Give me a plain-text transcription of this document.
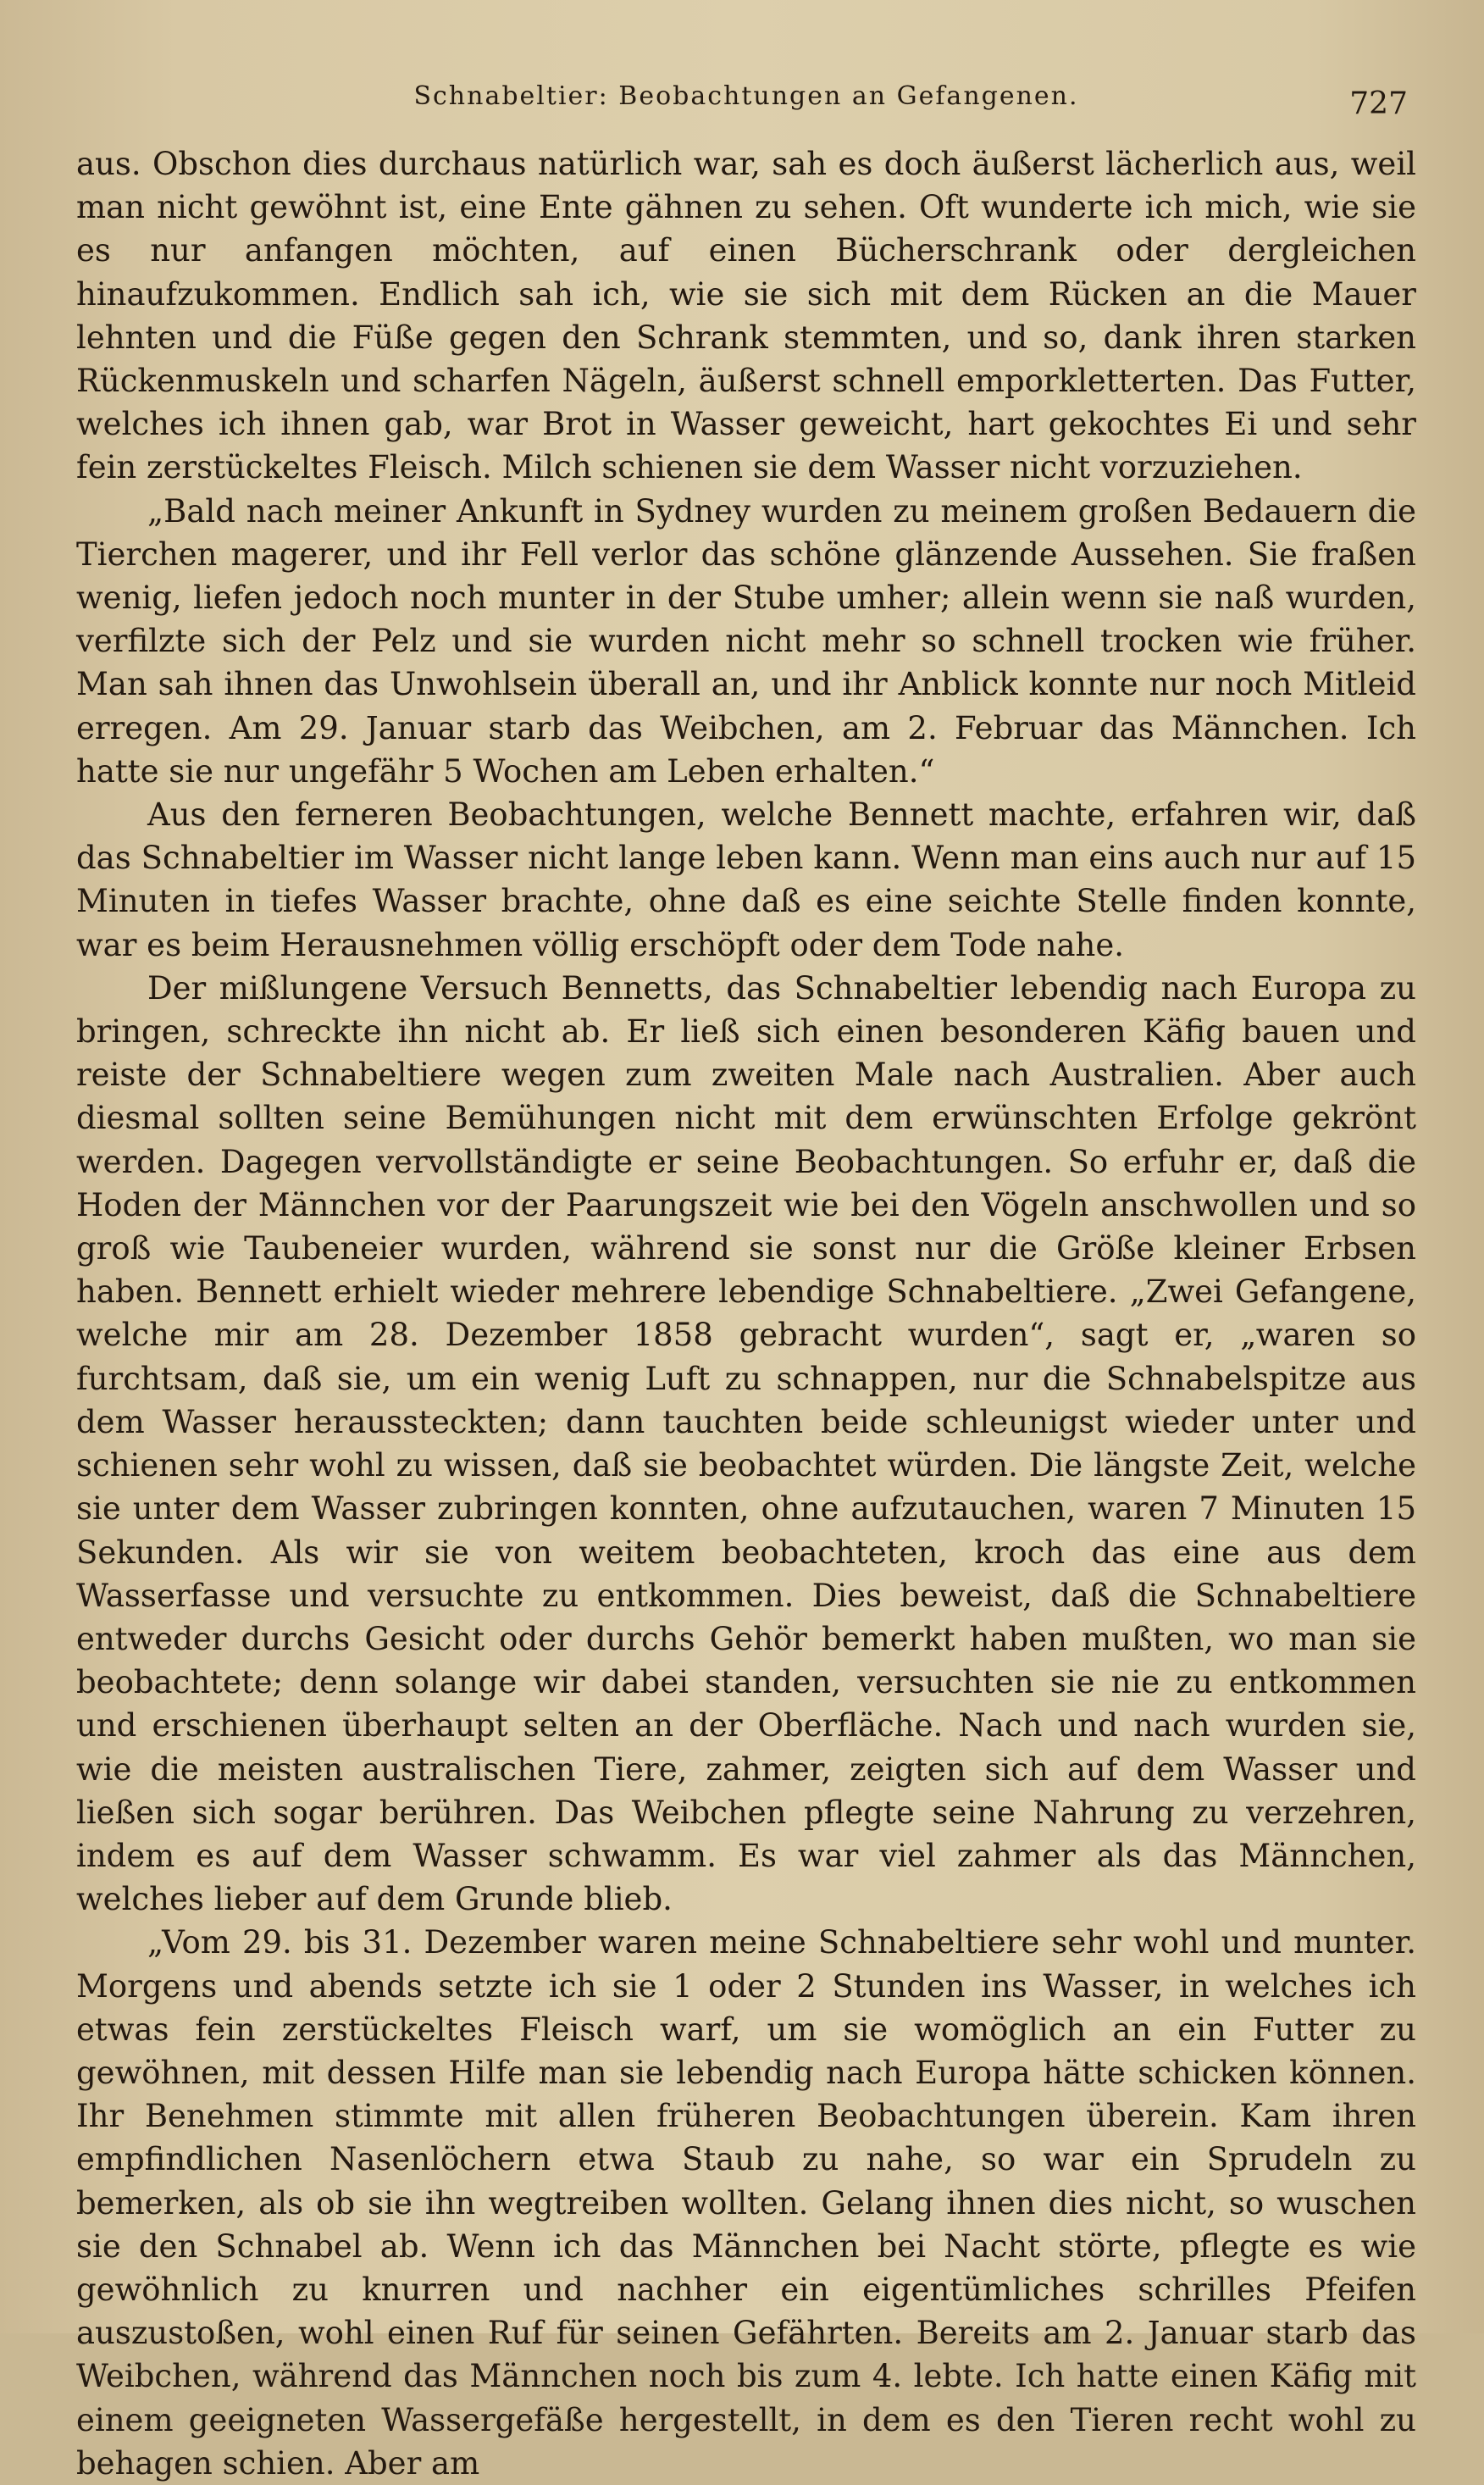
Schnabeltier: Beobachtungen an Gefangenen.	727

aus. Obschon dies durchaus natürlich war, sah es doch äußerst lächerlich aus, weil man nicht gewöhnt ist, eine Ente gähnen zu sehen. Oft wunderte ich mich, wie sie es nur anfangen möchten, auf einen Bücherschrank oder dergleichen hinaufzukommen. Endlich sah ich, wie sie sich mit dem Rücken an die Mauer lehnten und die Füße gegen den Schrank stemmten, und so, dank ihren starken Rückenmuskeln und scharfen Nägeln, äußerst schnell emporkletterten. Das Futter, welches ich ihnen gab, war Brot in Wasser geweicht, hart gekochtes Ei und sehr fein zerstückeltes Fleisch. Milch schienen sie dem Wasser nicht vorzuziehen.

„Bald nach meiner Ankunft in Sydney wurden zu meinem großen Bedauern die Tierchen magerer, und ihr Fell verlor das schöne glänzende Aussehen. Sie fraßen wenig, liefen jedoch noch munter in der Stube umher; allein wenn sie naß wurden, verfilzte sich der Pelz und sie wurden nicht mehr so schnell trocken wie früher. Man sah ihnen das Unwohlsein überall an, und ihr Anblick konnte nur noch Mitleid erregen. Am 29. Januar starb das Weibchen, am 2. Februar das Männchen. Ich hatte sie nur ungefähr 5 Wochen am Leben erhalten.“

Aus den ferneren Beobachtungen, welche Bennett machte, erfahren wir, daß das Schnabeltier im Wasser nicht lange leben kann. Wenn man eins auch nur auf 15 Minuten in tiefes Wasser brachte, ohne daß es eine seichte Stelle finden konnte, war es beim Herausnehmen völlig erschöpft oder dem Tode nahe.

Der mißlungene Versuch Bennetts, das Schnabeltier lebendig nach Europa zu bringen, schreckte ihn nicht ab. Er ließ sich einen besonderen Käfig bauen und reiste der Schnabeltiere wegen zum zweiten Male nach Australien. Aber auch diesmal sollten seine Bemühungen nicht mit dem erwünschten Erfolge gekrönt werden. Dagegen vervollständigte er seine Beobachtungen. So erfuhr er, daß die Hoden der Männchen vor der Paarungszeit wie bei den Vögeln anschwollen und so groß wie Taubeneier wurden, während sie sonst nur die Größe kleiner Erbsen haben. Bennett erhielt wieder mehrere lebendige Schnabeltiere. „Zwei Gefangene, welche mir am 28. Dezember 1858 gebracht wurden“, sagt er, „waren so furchtsam, daß sie, um ein wenig Luft zu schnappen, nur die Schnabelspitze aus dem Wasser heraussteckten; dann tauchten beide schleunigst wieder unter und schienen sehr wohl zu wissen, daß sie beobachtet würden. Die längste Zeit, welche sie unter dem Wasser zubringen konnten, ohne aufzutauchen, waren 7 Minuten 15 Sekunden. Als wir sie von weitem beobachteten, kroch das eine aus dem Wasserfasse und versuchte zu entkommen. Dies beweist, daß die Schnabeltiere entweder durchs Gesicht oder durchs Gehör bemerkt haben mußten, wo man sie beobachtete; denn solange wir dabei standen, versuchten sie nie zu entkommen und erschienen überhaupt selten an der Oberfläche. Nach und nach wurden sie, wie die meisten australischen Tiere, zahmer, zeigten sich auf dem Wasser und ließen sich sogar berühren. Das Weibchen pflegte seine Nahrung zu verzehren, indem es auf dem Wasser schwamm. Es war viel zahmer als das Männchen, welches lieber auf dem Grunde blieb.

„Vom 29. bis 31. Dezember waren meine Schnabeltiere sehr wohl und munter. Morgens und abends setzte ich sie 1 oder 2 Stunden ins Wasser, in welches ich etwas fein zerstückeltes Fleisch warf, um sie womöglich an ein Futter zu gewöhnen, mit dessen Hilfe man sie lebendig nach Europa hätte schicken können. Ihr Benehmen stimmte mit allen früheren Beobachtungen überein. Kam ihren empfindlichen Nasenlöchern etwa Staub zu nahe, so war ein Sprudeln zu bemerken, als ob sie ihn wegtreiben wollten. Gelang ihnen dies nicht, so wuschen sie den Schnabel ab. Wenn ich das Männchen bei Nacht störte, pflegte es wie gewöhnlich zu knurren und nachher ein eigentümliches schrilles Pfeifen auszustoßen, wohl einen Ruf für seinen Gefährten. Bereits am 2. Januar starb das Weibchen, während das Männchen noch bis zum 4. lebte. Ich hatte einen Käfig mit einem geeigneten Wassergefäße hergestellt, in dem es den Tieren recht wohl zu behagen schien. Aber am
